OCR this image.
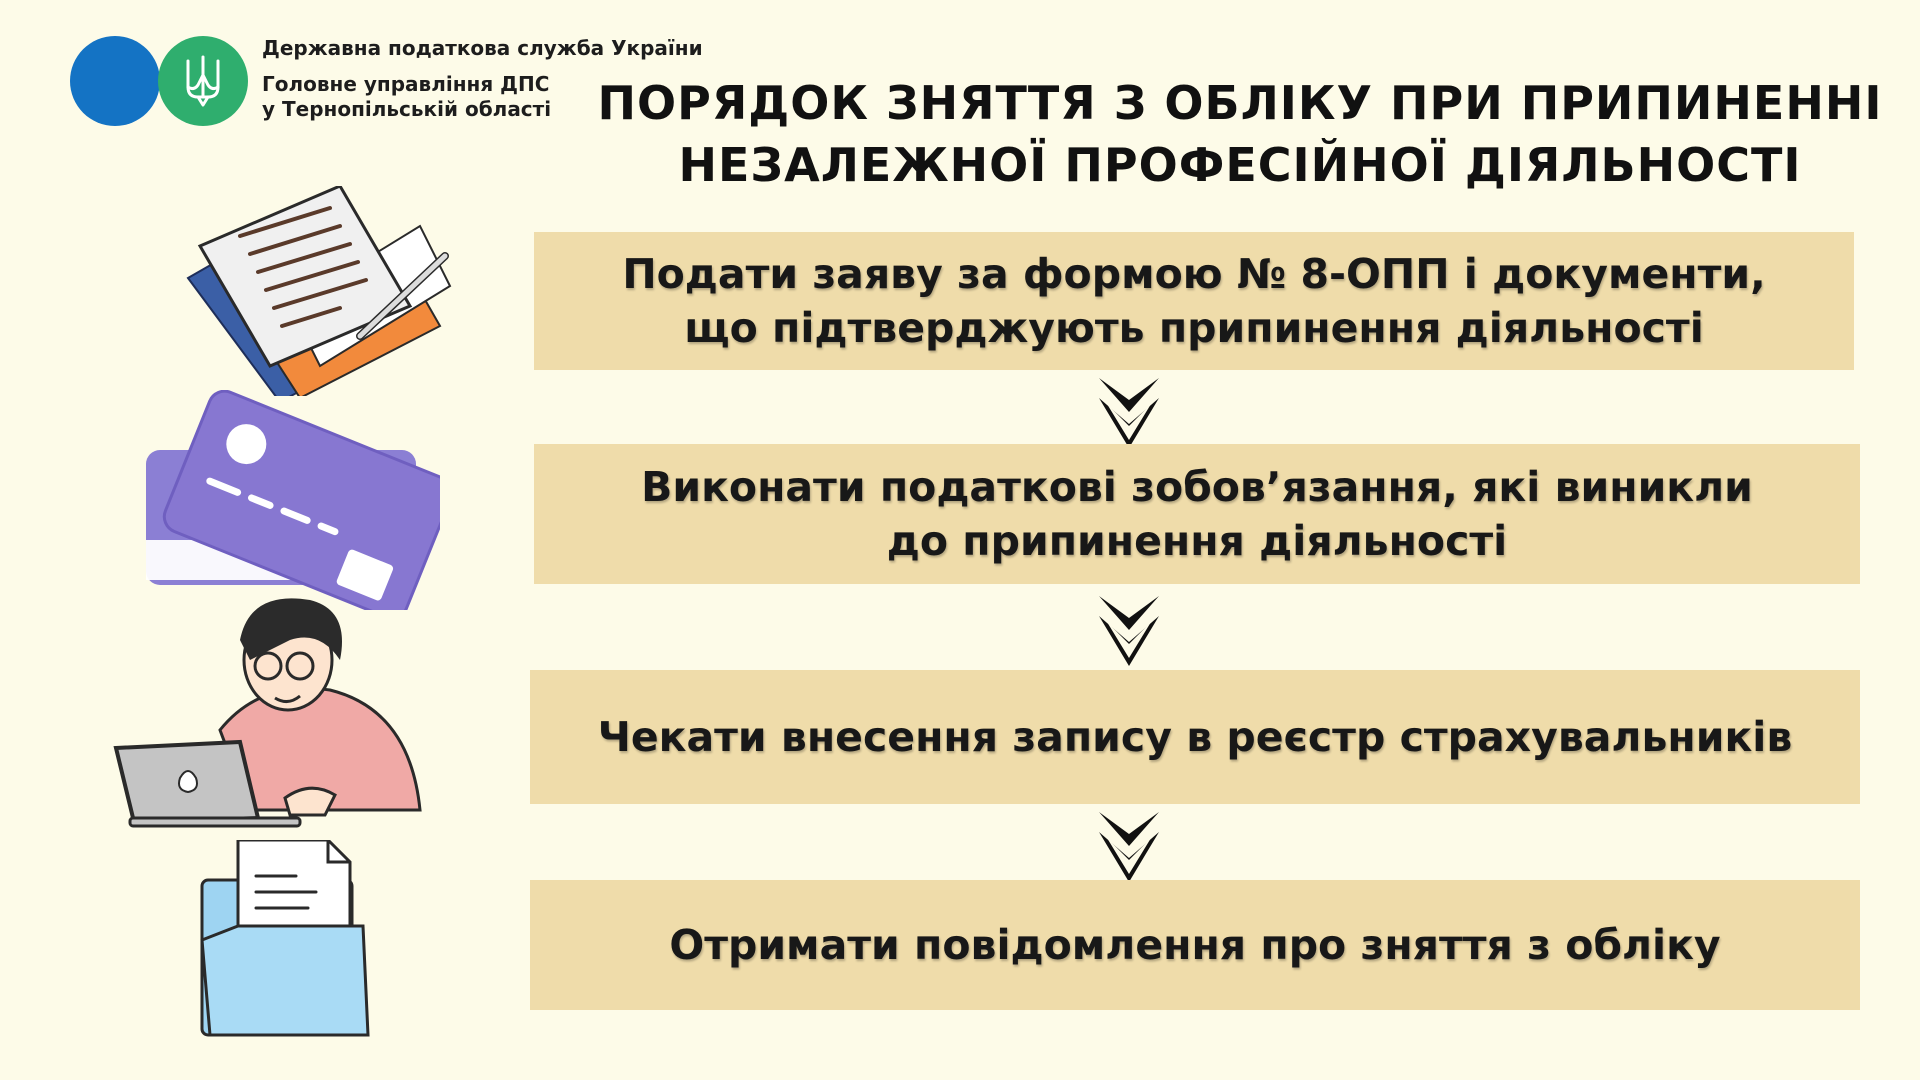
Державна податкова служба України
Головне управління ДПС
у Тернопільській області	ПОРЯДОК ЗНЯТТЯ З ОБЛІКУ ПРИ ПРИПИНЕННІ
НЕЗАЛЕЖНОЇ ПРОФЕСІЙНОЇ ДІЯЛЬНОСТІ
Подати заяву за формою № 8-ОПП і документи,
що підтверджують припинення діяльності
Виконати податкові зобов’язання, які виникли
до припинення діяльності
Чекати внесення запису в реєстр страхувальників
Отримати повідомлення про зняття з обліку
